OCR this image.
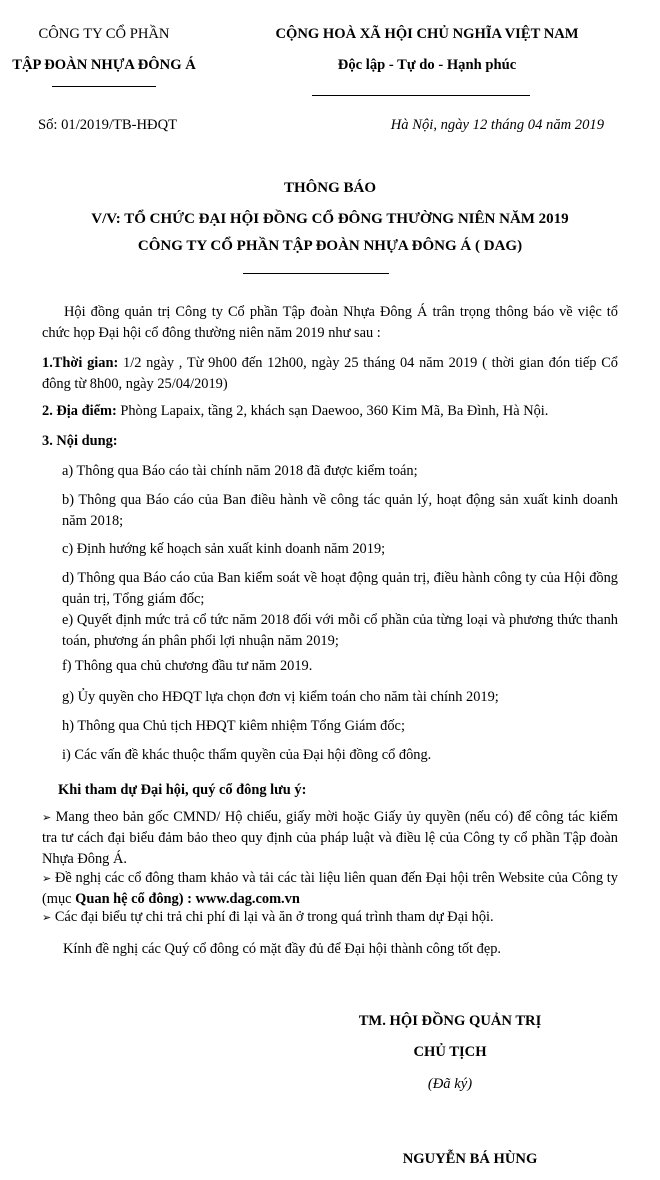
CÔNG TY CỔ PHẦN
TẬP ĐOÀN NHỰA ĐÔNG Á
CỘNG HOÀ XÃ HỘI CHỦ NGHĨA VIỆT NAM
Độc lập - Tự do - Hạnh phúc
Số: 01/2019/TB-HĐQT	Hà Nội, ngày 12 tháng 04 năm 2019
THÔNG BÁO
V/V: TỔ CHỨC ĐẠI HỘI ĐỒNG CỔ ĐÔNG THƯỜNG NIÊN NĂM 2019
CÔNG TY CỔ PHẦN TẬP ĐOÀN NHỰA ĐÔNG Á ( DAG)
Hội đồng quản trị Công ty Cổ phần Tập đoàn Nhựa Đông Á trân trọng thông báo về việc tổ chức họp Đại hội cổ đông thường niên năm 2019 như sau :
1.Thời gian: 1/2 ngày , Từ 9h00 đến 12h00, ngày 25 tháng 04 năm 2019 ( thời gian đón tiếp Cổ đông từ 8h00, ngày 25/04/2019)
2. Địa điểm: Phòng Lapaix, tầng 2, khách sạn Daewoo, 360 Kim Mã, Ba Đình, Hà Nội.
3. Nội dung:
a) Thông qua Báo cáo tài chính năm 2018 đã được kiểm toán;
b) Thông qua Báo cáo của Ban điều hành về công tác quản lý, hoạt động sản xuất kinh doanh năm 2018;
c) Định hướng kế hoạch sản xuất kinh doanh năm 2019;
d) Thông qua Báo cáo của Ban kiểm soát về hoạt động quản trị, điều hành công ty của Hội đồng quản trị, Tổng giám đốc;
e) Quyết định mức trả cổ tức năm 2018 đối với mỗi cổ phần của từng loại và phương thức thanh toán, phương án phân phối lợi nhuận năm 2019;
f) Thông qua chủ chương đầu tư năm 2019.
g) Ủy quyền cho HĐQT lựa chọn đơn vị kiểm toán cho năm tài chính 2019;
h) Thông qua Chủ tịch HĐQT kiêm nhiệm Tổng Giám đốc;
i) Các vấn đề khác thuộc thẩm quyền của Đại hội đồng cổ đông.
Khi tham dự Đại hội, quý cổ đông lưu ý:
➢ Mang theo bản gốc CMND/ Hộ chiếu, giấy mời hoặc Giấy ủy quyền (nếu có) để công tác kiểm tra tư cách đại biểu đảm bảo theo quy định của pháp luật và điều lệ của Công ty cổ phần Tập đoàn Nhựa Đông Á.
➢ Đề nghị các cổ đông tham khảo và tải các tài liệu liên quan đến Đại hội trên Website của Công ty (mục Quan hệ cổ đông) : www.dag.com.vn
➢ Các đại biểu tự chi trả chi phí đi lại và ăn ở trong quá trình tham dự Đại hội.
Kính đề nghị các Quý cổ đông có mặt đầy đủ để Đại hội thành công tốt đẹp.
TM. HỘI ĐỒNG QUẢN TRỊ
CHỦ TỊCH
(Đã ký)
NGUYỄN BÁ HÙNG
